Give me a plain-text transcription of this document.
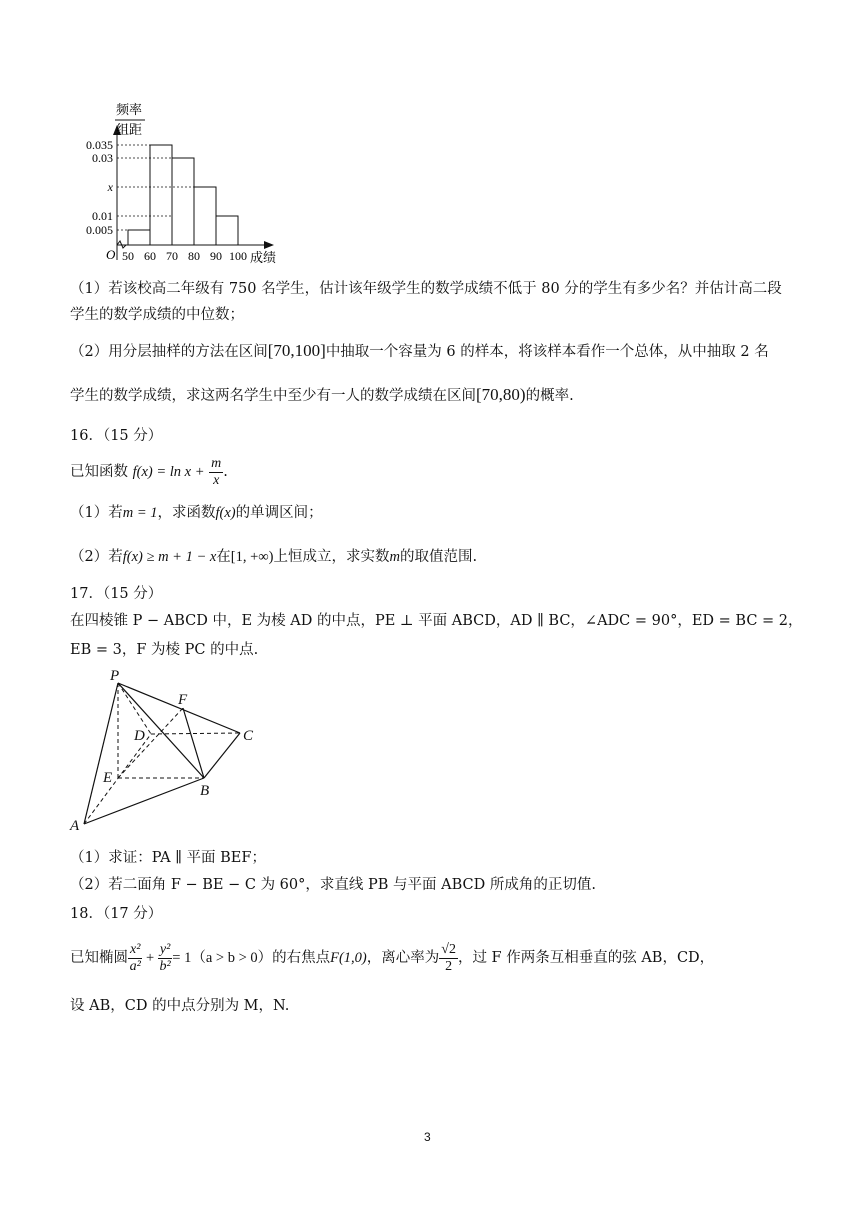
频率
组距
0.035
0.03
x
0.01
0.005
50 60 70 80 90 100
O	成绩
（1）若该校高二年级有 750 名学生，估计该年级学生的数学成绩不低于 80 分的学生有多少名？并估计高二段
学生的数学成绩的中位数；
（2）用分层抽样的方法在区间[70,100]中抽取一个容量为 6 的样本，将该样本看作一个总体，从中抽取 2 名
学生的数学成绩，求这两名学生中至少有一人的数学成绩在区间[70,80)的概率.
16．（15 分）
已知函数
f(x) = ln x +
$\frac{m}{x}$ .
（1）若m = 1，求函数f(x)的单调区间；
（2）若f(x) ≥ m + 1 − x在[1, +∞)上恒成立，求实数m的取值范围.
17．（15 分）
在四棱锥 P − ABCD 中，E 为棱 AD 的中点，PE ⊥ 平面 ABCD，AD ∥ BC，∠ADC = 90°，ED = BC = 2，
EB = 3，F 为棱 PC 的中点.
P
F
D	C
E
B
A
（1）求证：PA ∥ 平面 BEF；
（2）若二面角 F − BE − C 为 60°，求直线 PB 与平面 ABCD 所成角的正切值.
18．（17 分）
已知椭圆 $\frac{\text{x²}}{\text{a²}} + \frac{\text{y²}}{\text{b²}} = 1(a > b > 0)$的右焦点 F(1,0) ，离心率为 $\frac{√2}{2}$ ，过 F 作两条互相垂直的弦 AB，CD，
设 AB，CD 的中点分别为 M，N.
3
